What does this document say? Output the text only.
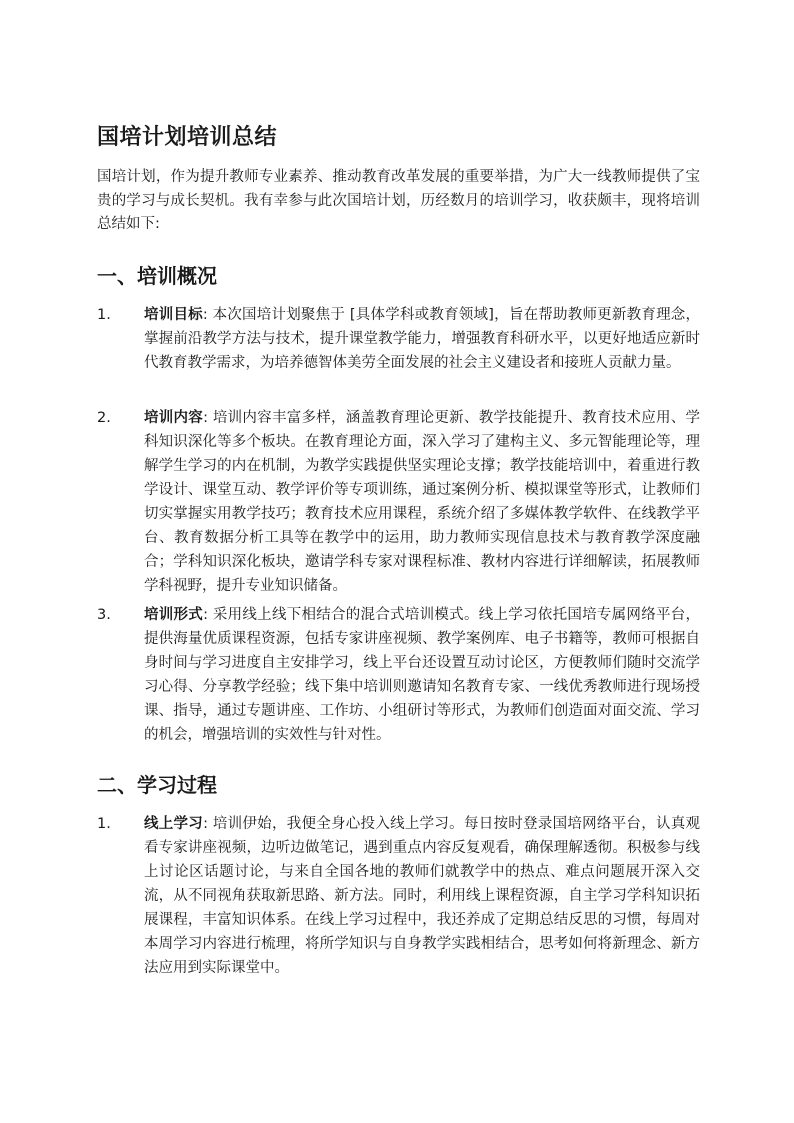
国培计划培训总结

国培计划，作为提升教师专业素养、推动教育改革发展的重要举措，为广大一线教师提供了宝贵的学习与成长契机。我有幸参与此次国培计划，历经数月的培训学习，收获颇丰，现将培训总结如下:

一、培训概况
1. 培训目标: 本次国培计划聚焦于 [具体学科或教育领域]，旨在帮助教师更新教育理念，掌握前沿教学方法与技术，提升课堂教学能力，增强教育科研水平，以更好地适应新时代教育教学需求，为培养德智体美劳全面发展的社会主义建设者和接班人贡献力量。
2. 培训内容: 培训内容丰富多样，涵盖教育理论更新、教学技能提升、教育技术应用、学科知识深化等多个板块。在教育理论方面，深入学习了建构主义、多元智能理论等，理解学生学习的内在机制，为教学实践提供坚实理论支撑；教学技能培训中，着重进行教学设计、课堂互动、教学评价等专项训练，通过案例分析、模拟课堂等形式，让教师们切实掌握实用教学技巧；教育技术应用课程，系统介绍了多媒体教学软件、在线教学平台、教育数据分析工具等在教学中的运用，助力教师实现信息技术与教育教学深度融合；学科知识深化板块，邀请学科专家对课程标准、教材内容进行详细解读，拓展教师学科视野，提升专业知识储备。
3. 培训形式: 采用线上线下相结合的混合式培训模式。线上学习依托国培专属网络平台，提供海量优质课程资源，包括专家讲座视频、教学案例库、电子书籍等，教师可根据自身时间与学习进度自主安排学习，线上平台还设置互动讨论区，方便教师们随时交流学习心得、分享教学经验；线下集中培训则邀请知名教育专家、一线优秀教师进行现场授课、指导，通过专题讲座、工作坊、小组研讨等形式，为教师们创造面对面交流、学习的机会，增强培训的实效性与针对性。
二、学习过程
1. 线上学习: 培训伊始，我便全身心投入线上学习。每日按时登录国培网络平台，认真观看专家讲座视频，边听边做笔记，遇到重点内容反复观看，确保理解透彻。积极参与线上讨论区话题讨论，与来自全国各地的教师们就教学中的热点、难点问题展开深入交流，从不同视角获取新思路、新方法。同时，利用线上课程资源，自主学习学科知识拓展课程，丰富知识体系。在线上学习过程中，我还养成了定期总结反思的习惯，每周对本周学习内容进行梳理，将所学知识与自身教学实践相结合，思考如何将新理念、新方法应用到实际课堂中。
